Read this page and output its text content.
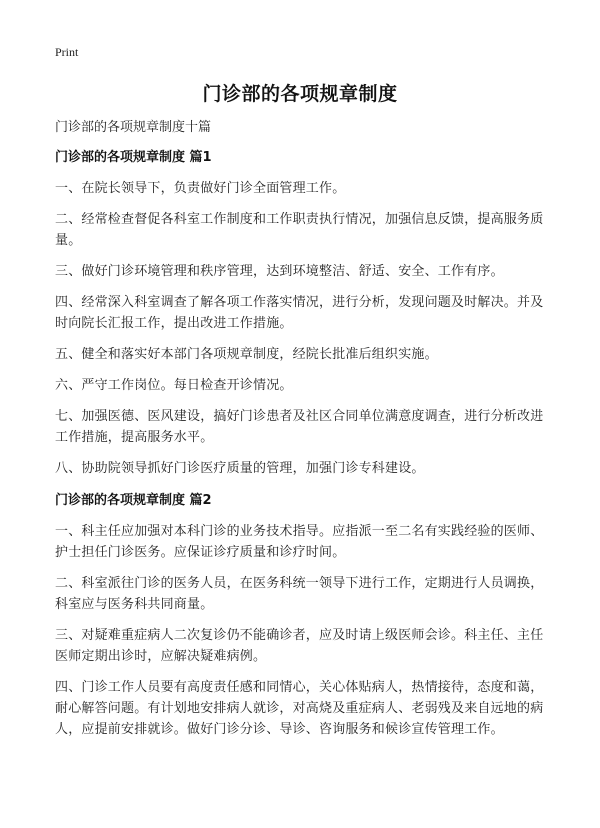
Print
门诊部的各项规章制度
门诊部的各项规章制度十篇
门诊部的各项规章制度 篇1

一、在院长领导下，负责做好门诊全面管理工作。

二、经常检查督促各科室工作制度和工作职责执行情况，加强信息反馈，提高服务质量。

三、做好门诊环境管理和秩序管理，达到环境整洁、舒适、安全、工作有序。

四、经常深入科室调查了解各项工作落实情况，进行分析，发现问题及时解决。并及时向院长汇报工作，提出改进工作措施。

五、健全和落实好本部门各项规章制度，经院长批准后组织实施。

六、严守工作岗位。每日检查开诊情况。

七、加强医德、医风建设，搞好门诊患者及社区合同单位满意度调查，进行分析改进工作措施，提高服务水平。

八、协助院领导抓好门诊医疗质量的管理，加强门诊专科建设。

门诊部的各项规章制度 篇2

一、科主任应加强对本科门诊的业务技术指导。应指派一至二名有实践经验的医师、护士担任门诊医务。应保证诊疗质量和诊疗时间。

二、科室派往门诊的医务人员，在医务科统一领导下进行工作，定期进行人员调换，科室应与医务科共同商量。

三、对疑难重症病人二次复诊仍不能确诊者，应及时请上级医师会诊。科主任、主任医师定期出诊时，应解决疑难病例。

四、门诊工作人员要有高度责任感和同情心，关心体贴病人，热情接待，态度和蔼，耐心解答问题。有计划地安排病人就诊，对高烧及重症病人、老弱残及来自远地的病人，应提前安排就诊。做好门诊分诊、导诊、咨询服务和候诊宣传管理工作。
